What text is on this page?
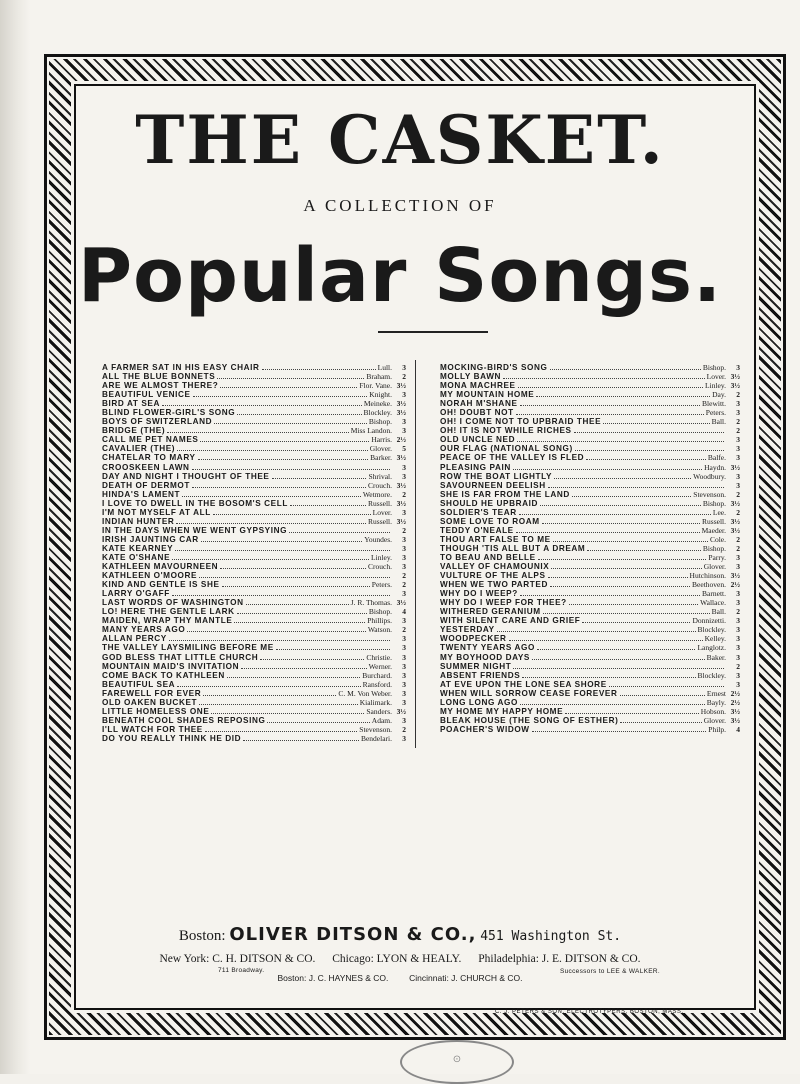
THE CASKET.
A COLLECTION OF
Popular Songs.
A FARMER SAT IN HIS EASY CHAIR	Lull.	3
ALL THE BLUE BONNETS	Braham.	2
ARE WE ALMOST THERE?	Flor. Vane. 3½
BEAUTIFUL VENICE	Knight.	3
BIRD AT SEA	Meineke. 3½
BLIND FLOWER-GIRL'S SONG	Blockley. 3½
BOYS OF SWITZERLAND	Bishop.	3
BRIDGE (THE)	Miss Landon.	3
CALL ME PET NAMES	Harris. 2½
CAVALIER (THE)	Glover.	5
CHATELAR TO MARY	Barker. 3½
CROOSKEEN LAWN	3
DAY AND NIGHT I THOUGHT OF THEE	Shrival.	3
DEATH OF DERMOT	Crouch. 3½
HINDA'S LAMENT	Wetmore.	2
I LOVE TO DWELL IN THE BOSOM'S CELL	Russell. 3½
I'M NOT MYSELF AT ALL	Lover.	3
INDIAN HUNTER	Russell. 3½
IN THE DAYS WHEN WE WENT GYPSYING	2
IRISH JAUNTING CAR	Youndes.	3
KATE KEARNEY	3
KATE O'SHANE	Linley.	3
KATHLEEN MAVOURNEEN	Crouch.	3
KATHLEEN O'MOORE	2
KIND AND GENTLE IS SHE	Peters.	2
LARRY O'GAFF	3
LAST WORDS OF WASHINGTON	J. R. Thomas. 3½
LO! HERE THE GENTLE LARK	Bishop.	4
MAIDEN, WRAP THY MANTLE	Phillips.	3
MANY YEARS AGO	Watson.	2
ALLAN PERCY	3
THE VALLEY LAYSMILING BEFORE ME	3
GOD BLESS THAT LITTLE CHURCH	Christie.	3
MOUNTAIN MAID'S INVITATION	Werner.	3
COME BACK TO KATHLEEN	Burchard.	3
BEAUTIFUL SEA	Ransford.	3
FAREWELL FOR EVER	C. M. Von Weber.	3
OLD OAKEN BUCKET	Kialimark.	3
LITTLE HOMELESS ONE	Sanders. 3½
BENEATH COOL SHADES REPOSING	Adam.	3
I'LL WATCH FOR THEE	Stevenson.	2
DO YOU REALLY THINK HE DID	Bendelari.	3
MOCKING-BIRD'S SONG	Bishop.	3
MOLLY BAWN	Lover. 3½
MONA MACHREE	Linley. 3½
MY MOUNTAIN HOME	Day.	2
NORAH M'SHANE	Blewitt.	3
OH! DOUBT NOT	Peters.	3
OH! I COME NOT TO UPBRAID THEE	Ball.	2
OH! IT IS NOT WHILE RICHES	2
OLD UNCLE NED	3
OUR FLAG (NATIONAL SONG)	3
PEACE OF THE VALLEY IS FLED	Balfe.	3
PLEASING PAIN	Haydn. 3½
ROW THE BOAT LIGHTLY	Woodbury.	3
SAVOURNEEN DEELISH	3
SHE IS FAR FROM THE LAND	Stevenson.	2
SHOULD HE UPBRAID	Bishop. 3½
SOLDIER'S TEAR	Lee.	2
SOME LOVE TO ROAM	Russell. 3½
TEDDY O'NEALE	Maeder. 3½
THOU ART FALSE TO ME	Cole.	2
THOUGH 'TIS ALL BUT A DREAM	Bishop.	2
TO BEAU AND BELLE	Parry.	3
VALLEY OF CHAMOUNIX	Glover.	3
VULTURE OF THE ALPS	Hutchinson. 3½
WHEN WE TWO PARTED	Beethoven. 2½
WHY DO I WEEP?	Barnett.	3
WHY DO I WEEP FOR THEE?	Wallace.	3
WITHERED GERANIUM	Ball.	2
WITH SILENT CARE AND GRIEF	Donnizetti.	3
YESTERDAY	Blockley.	3
WOODPECKER	Kelley.	3
TWENTY YEARS AGO	Langlotz.	3
MY BOYHOOD DAYS	Baker.	3
SUMMER NIGHT	2
ABSENT FRIENDS	Blockley.	3
AT EVE UPON THE LONE SEA SHORE	3
WHEN WILL SORROW CEASE FOREVER	Ernest 2½
LONG LONG AGO	Bayly. 2½
MY HOME MY HAPPY HOME	Hobson. 3½
BLEAK HOUSE (THE SONG OF ESTHER)	Glover. 3½
POACHER'S WIDOW	Philp.	4
Boston: OLIVER DITSON & CO., 451 Washington St.
New York: C. H. DITSON & CO. Chicago: LYON & HEALY. Philadelphia: J. E. DITSON & CO.
711 Broadway.	Successors to LEE & WALKER.
Boston: J. C. HAYNES & CO. Cincinnati: J. CHURCH & CO.
C. J. PETERS & SON, ELECTROTYPERS, BOSTON, MASS.
⊙
